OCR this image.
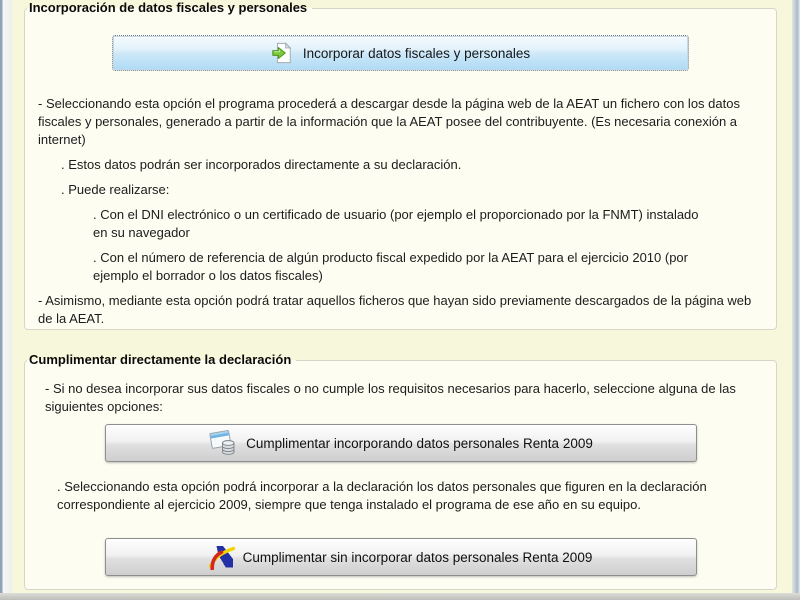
Incorporación de datos fiscales y personales
Incorporar datos fiscales y personales
- Seleccionando esta opción el programa procederá a descargar desde la página web de la AEAT un fichero con los datos fiscales y personales, generado a partir de la información que la AEAT posee del contribuyente. (Es necesaria conexión a internet)
. Estos datos podrán ser incorporados directamente a su declaración.
. Puede realizarse:
. Con el DNI electrónico o un certificado de usuario (por ejemplo el proporcionado por la FNMT) instalado en su navegador
. Con el número de referencia de algún producto fiscal expedido por la AEAT para el ejercicio 2010 (por ejemplo el borrador o los datos fiscales)
- Asimismo, mediante esta opción podrá tratar aquellos ficheros que hayan sido previamente descargados de la página web de la AEAT.
Cumplimentar directamente la declaración
- Si no desea incorporar sus datos fiscales o no cumple los requisitos necesarios para hacerlo, seleccione alguna de las siguientes opciones:
Cumplimentar incorporando datos personales Renta 2009
. Seleccionando esta opción podrá incorporar a la declaración los datos personales que figuren en la declaración correspondiente al ejercicio 2009, siempre que tenga instalado el programa de ese año en su equipo.
Cumplimentar sin incorporar datos personales Renta 2009
